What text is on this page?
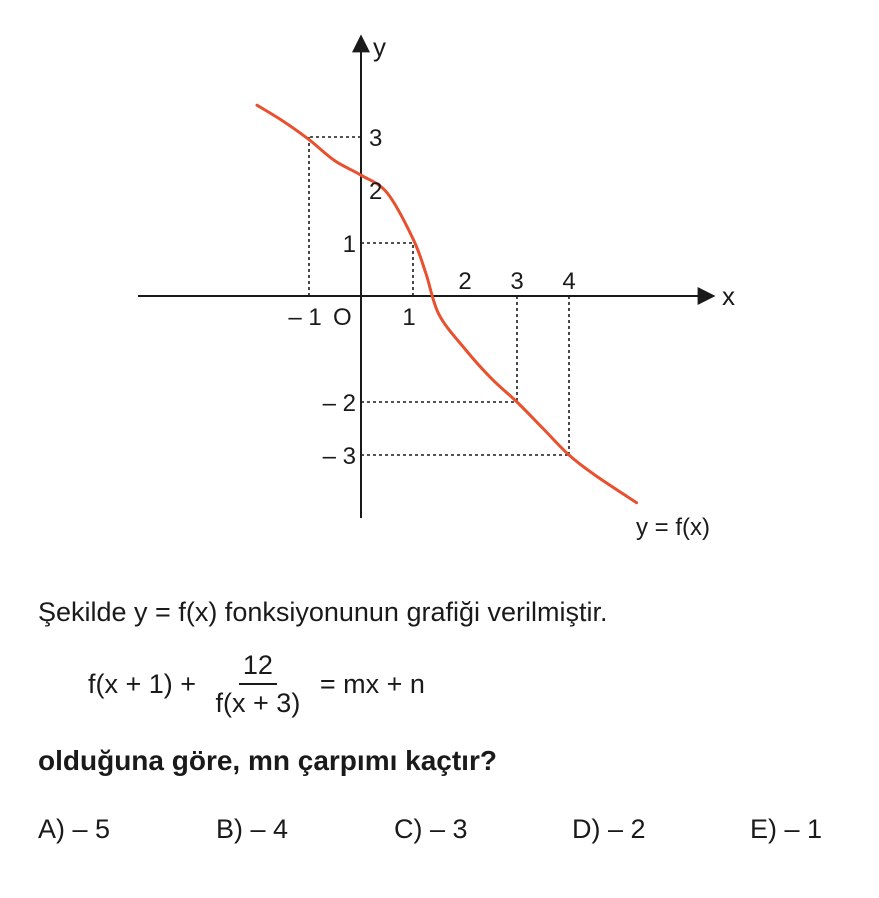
– 1	1
2 3 4
3
2
1
– 2
– 3
x
y
O
y = f(x)
Şekilde y = f(x) fonksiyonunun grafiği verilmiştir.
$f(x + 1) + \frac{12}{f(x + 3)}$ = mx + n
olduğuna göre, mn çarpımı kaçtır?
A) – 5	B) – 4	C) – 3	D) – 2	E) – 1
